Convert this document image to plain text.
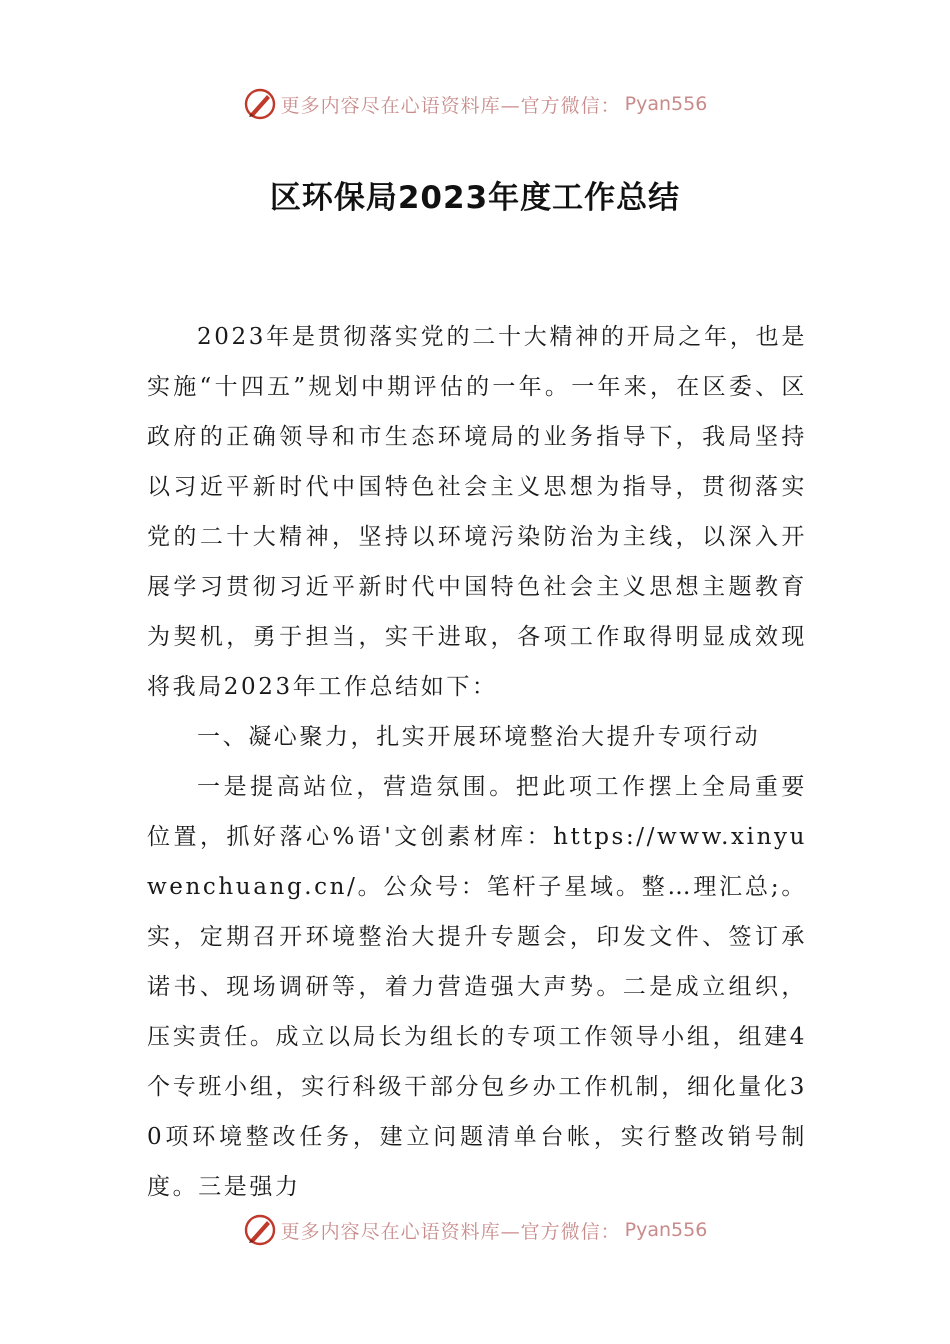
更多内容尽在心语资料库—官方微信： Pyan556
区环保局2023年度工作总结

2023年是贯彻落实党的二十大精神的开局之年，也是实施“十四五”规划中期评估的一年。一年来，在区委、区政府的正确领导和市生态环境局的业务指导下，我局坚持以习近平新时代中国特色社会主义思想为指导，贯彻落实党的二十大精神，坚持以环境污染防治为主线，以深入开展学习贯彻习近平新时代中国特色社会主义思想主题教育为契机，勇于担当，实干进取，各项工作取得明显成效现将我局2023年工作总结如下：

一、凝心聚力，扎实开展环境整治大提升专项行动

一是提高站位，营造氛围。把此项工作摆上全局重要位置，抓好落心%语'文创素材库：https://www.xinyuwenchuang.cn/。公众号：笔杆子星域。整…理汇总;。实，定期召开环境整治大提升专题会，印发文件、签订承诺书、现场调研等，着力营造强大声势。二是成立组织，压实责任。成立以局长为组长的专项工作领导小组，组建4个专班小组，实行科级干部分包乡办工作机制，细化量化30项环境整改任务，建立问题清单台帐，实行整改销号制度。三是强力

更多内容尽在心语资料库—官方微信： Pyan556
